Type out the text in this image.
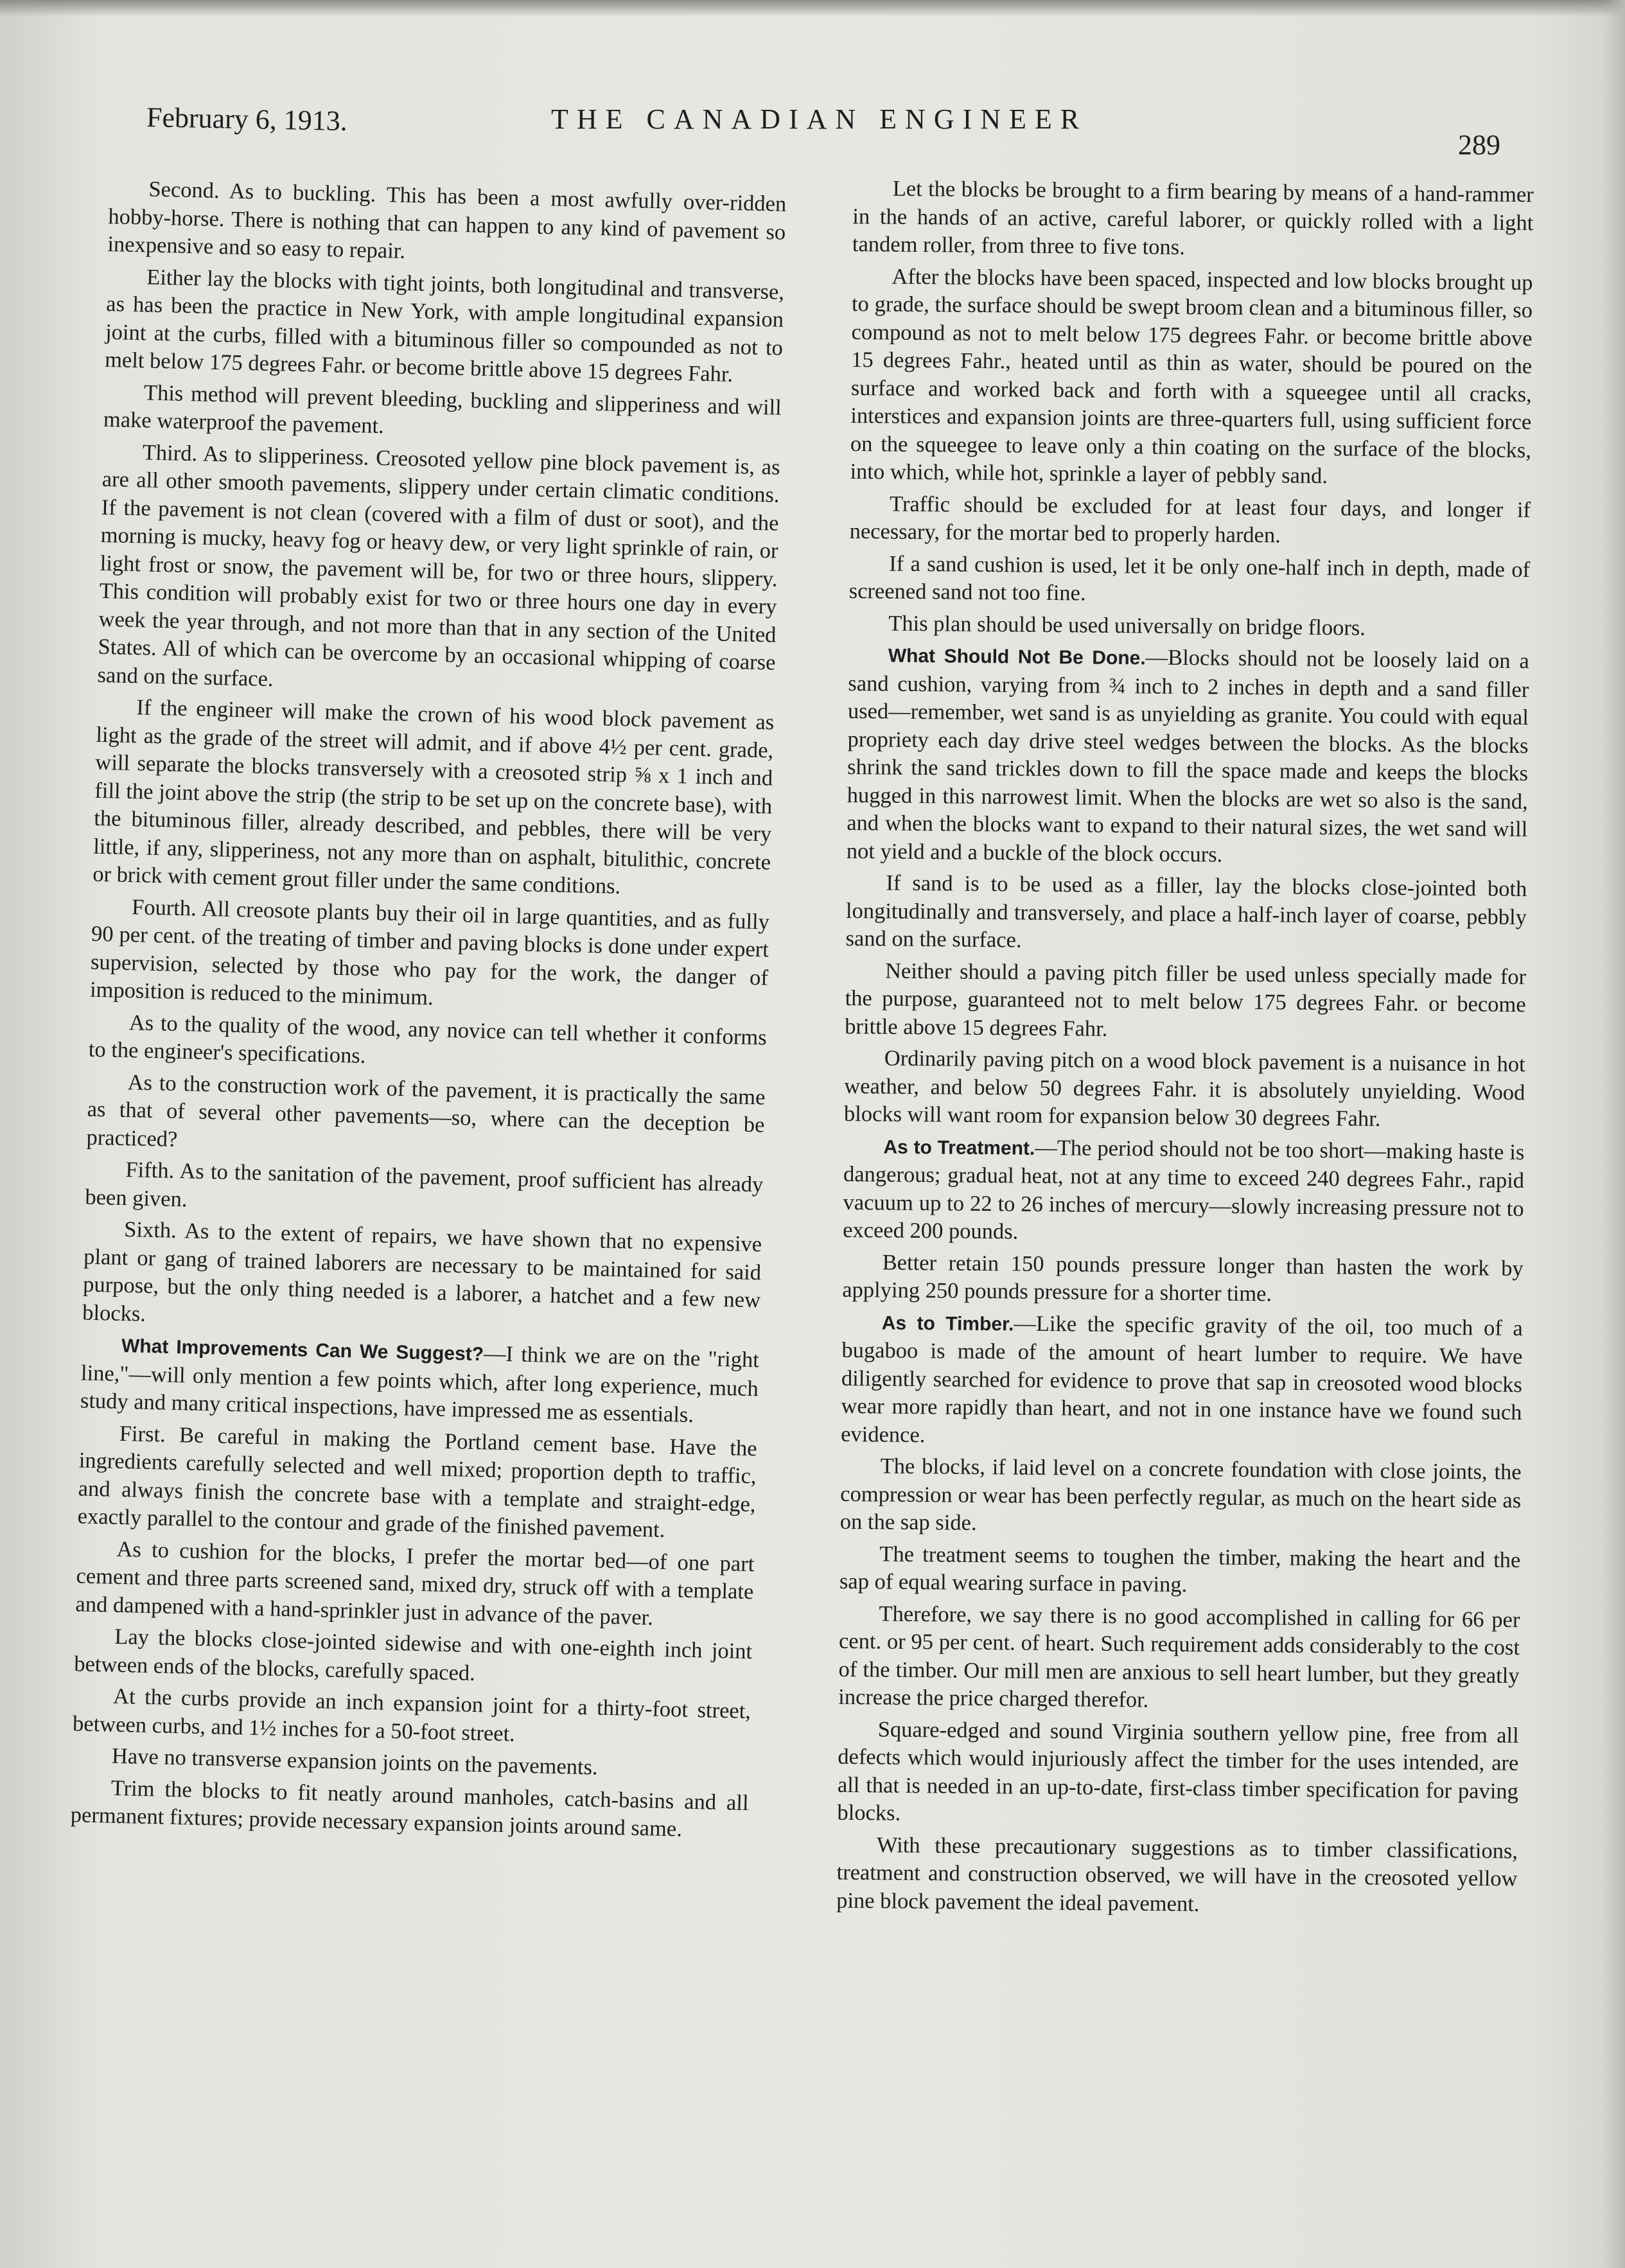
February 6, 1913.	THE CANADIAN ENGINEER
289

Second. As to buckling. This has been a most awfully over-ridden hobby-horse. There is nothing that can happen to any kind of pavement so inexpensive and so easy to repair.

Either lay the blocks with tight joints, both longitudinal and transverse, as has been the practice in New York, with ample longitudinal expansion joint at the curbs, filled with a bituminous filler so compounded as not to melt below 175 degrees Fahr. or become brittle above 15 degrees Fahr.

This method will prevent bleeding, buckling and slipperiness and will make waterproof the pavement.

Third. As to slipperiness. Creosoted yellow pine block pavement is, as are all other smooth pavements, slippery under certain climatic conditions. If the pavement is not clean (covered with a film of dust or soot), and the morning is mucky, heavy fog or heavy dew, or very light sprinkle of rain, or light frost or snow, the pavement will be, for two or three hours, slippery. This condition will probably exist for two or three hours one day in every week the year through, and not more than that in any section of the United States. All of which can be overcome by an occasional whipping of coarse sand on the surface.

If the engineer will make the crown of his wood block pavement as light as the grade of the street will admit, and if above 4½ per cent. grade, will separate the blocks transversely with a creosoted strip ⅝ x 1 inch and fill the joint above the strip (the strip to be set up on the concrete base), with the bituminous filler, already described, and pebbles, there will be very little, if any, slipperiness, not any more than on asphalt, bitulithic, concrete or brick with cement grout filler under the same conditions.

Fourth. All creosote plants buy their oil in large quantities, and as fully 90 per cent. of the treating of timber and paving blocks is done under expert supervision, selected by those who pay for the work, the danger of imposition is reduced to the minimum.

As to the quality of the wood, any novice can tell whether it conforms to the engineer's specifications.

As to the construction work of the pavement, it is practically the same as that of several other pavements—so, where can the deception be practiced?

Fifth. As to the sanitation of the pavement, proof sufficient has already been given.

Sixth. As to the extent of repairs, we have shown that no expensive plant or gang of trained laborers are necessary to be maintained for said purpose, but the only thing needed is a laborer, a hatchet and a few new blocks.

What Improvements Can We Suggest?—I think we are on the "right line,"—will only mention a few points which, after long experience, much study and many critical inspections, have impressed me as essentials.

First. Be careful in making the Portland cement base. Have the ingredients carefully selected and well mixed; proportion depth to traffic, and always finish the concrete base with a template and straight-edge, exactly parallel to the contour and grade of the finished pavement.

As to cushion for the blocks, I prefer the mortar bed—of one part cement and three parts screened sand, mixed dry, struck off with a template and dampened with a hand-sprinkler just in advance of the paver.

Lay the blocks close-jointed sidewise and with one-eighth inch joint between ends of the blocks, carefully spaced.

At the curbs provide an inch expansion joint for a thirty-foot street, between curbs, and 1½ inches for a 50-foot street.

Have no transverse expansion joints on the pavements.

Trim the blocks to fit neatly around manholes, catch-basins and all permanent fixtures; provide necessary expansion joints around same.

Let the blocks be brought to a firm bearing by means of a hand-rammer in the hands of an active, careful laborer, or quickly rolled with a light tandem roller, from three to five tons.

After the blocks have been spaced, inspected and low blocks brought up to grade, the surface should be swept broom clean and a bituminous filler, so compound as not to melt below 175 degrees Fahr. or become brittle above 15 degrees Fahr., heated until as thin as water, should be poured on the surface and worked back and forth with a squeegee until all cracks, interstices and expansion joints are three-quarters full, using sufficient force on the squeegee to leave only a thin coating on the surface of the blocks, into which, while hot, sprinkle a layer of pebbly sand.

Traffic should be excluded for at least four days, and longer if necessary, for the mortar bed to properly harden.

If a sand cushion is used, let it be only one-half inch in depth, made of screened sand not too fine.

This plan should be used universally on bridge floors.

What Should Not Be Done.—Blocks should not be loosely laid on a sand cushion, varying from ¾ inch to 2 inches in depth and a sand filler used—remember, wet sand is as unyielding as granite. You could with equal propriety each day drive steel wedges between the blocks. As the blocks shrink the sand trickles down to fill the space made and keeps the blocks hugged in this narrowest limit. When the blocks are wet so also is the sand, and when the blocks want to expand to their natural sizes, the wet sand will not yield and a buckle of the block occurs.

If sand is to be used as a filler, lay the blocks close-jointed both longitudinally and transversely, and place a half-inch layer of coarse, pebbly sand on the surface.

Neither should a paving pitch filler be used unless specially made for the purpose, guaranteed not to melt below 175 degrees Fahr. or become brittle above 15 degrees Fahr.

Ordinarily paving pitch on a wood block pavement is a nuisance in hot weather, and below 50 degrees Fahr. it is absolutely unyielding. Wood blocks will want room for expansion below 30 degrees Fahr.

As to Treatment.—The period should not be too short—making haste is dangerous; gradual heat, not at any time to exceed 240 degrees Fahr., rapid vacuum up to 22 to 26 inches of mercury—slowly increasing pressure not to exceed 200 pounds.

Better retain 150 pounds pressure longer than hasten the work by applying 250 pounds pressure for a shorter time.

As to Timber.—Like the specific gravity of the oil, too much of a bugaboo is made of the amount of heart lumber to require. We have diligently searched for evidence to prove that sap in creosoted wood blocks wear more rapidly than heart, and not in one instance have we found such evidence.

The blocks, if laid level on a concrete foundation with close joints, the compression or wear has been perfectly regular, as much on the heart side as on the sap side.

The treatment seems to toughen the timber, making the heart and the sap of equal wearing surface in paving.

Therefore, we say there is no good accomplished in calling for 66 per cent. or 95 per cent. of heart. Such requirement adds considerably to the cost of the timber. Our mill men are anxious to sell heart lumber, but they greatly increase the price charged therefor.

Square-edged and sound Virginia southern yellow pine, free from all defects which would injuriously affect the timber for the uses intended, are all that is needed in an up-to-date, first-class timber specification for paving blocks.

With these precautionary suggestions as to timber classifications, treatment and construction observed, we will have in the creosoted yellow pine block pavement the ideal pavement.
